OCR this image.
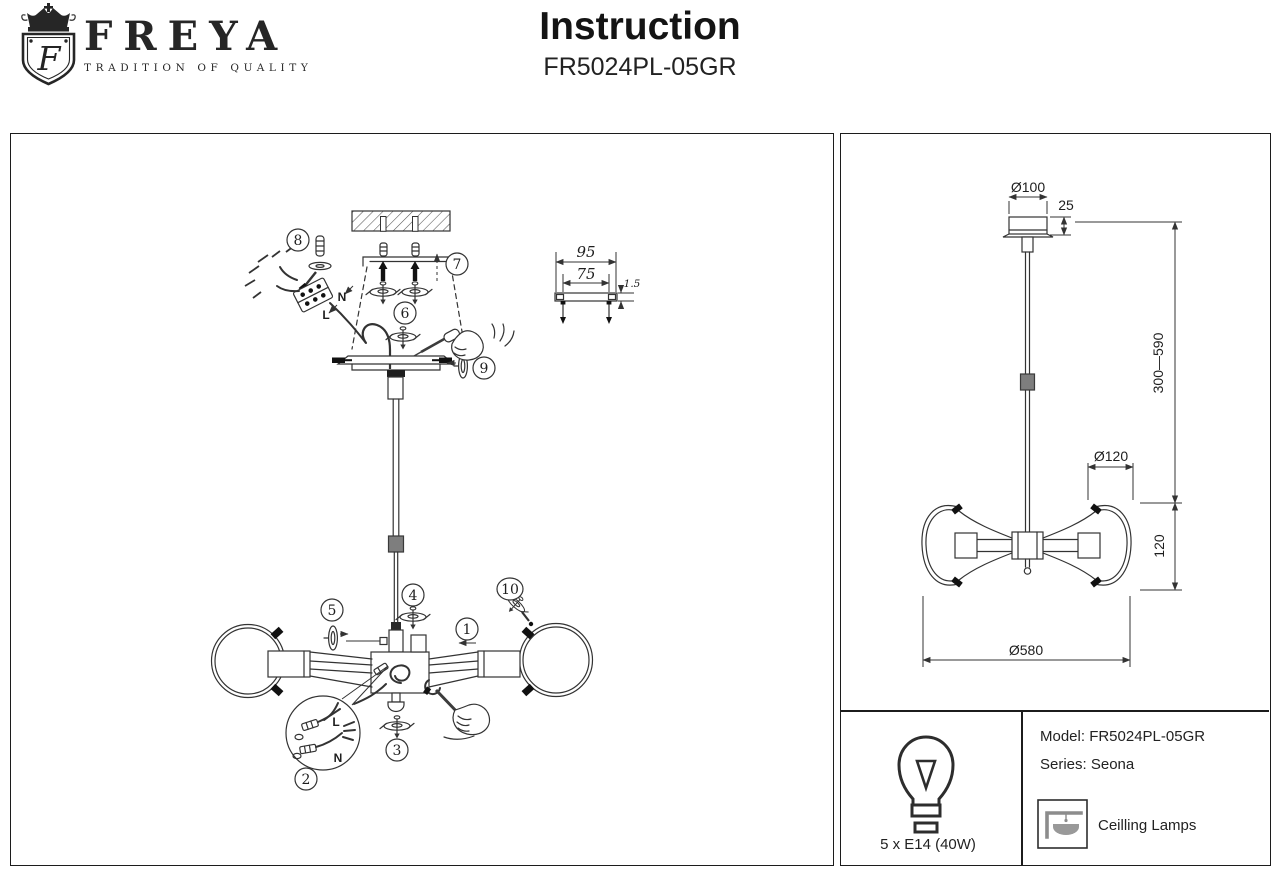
F FREYA
TRADITION OF QUALITY
Instruction
FR5024PL-05GR
N
L
L
N
95
75
1.5
1
2
3
4
5
6
7
8
9
10
Ø100
25
300—590
Ø120
120
Ø580
5 x E14 (40W)
Model: FR5024PL-05GR
Series: Seona
Ceilling Lamps
